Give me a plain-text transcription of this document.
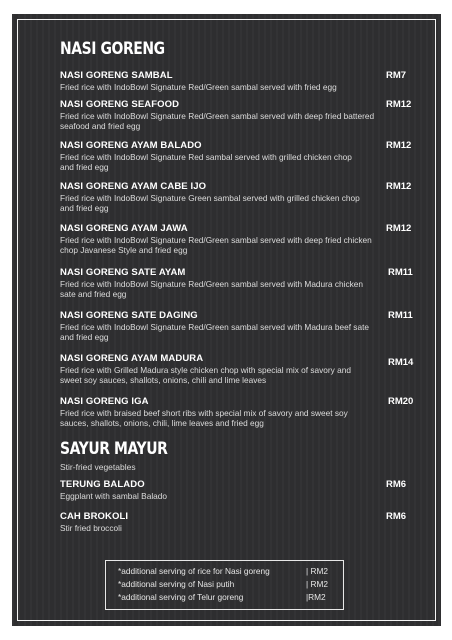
NASI GORENG
NASI GORENG SAMBAL	RM7
Fried rice with IndoBowl Signature Red/Green sambal served with fried egg
NASI GORENG SEAFOOD	RM12
Fried rice with IndoBowl Signature Red/Green sambal served with deep fried battered seafood and fried egg
NASI GORENG AYAM BALADO	RM12
Fried rice with IndoBowl Signature Red sambal served with grilled chicken chop and fried egg
NASI GORENG AYAM CABE IJO	RM12
Fried rice with IndoBowl Signature Green sambal served with grilled chicken chop and fried egg
NASI GORENG AYAM JAWA	RM12
Fried rice with IndoBowl Signature Red/Green sambal served with deep fried chicken chop Javanese Style and fried egg
NASI GORENG SATE AYAM	RM11
Fried rice with IndoBowl Signature Red/Green sambal served with Madura chicken sate and fried egg
NASI GORENG SATE DAGING	RM11
Fried rice with IndoBowl Signature Red/Green sambal served with Madura beef sate and fried egg
NASI GORENG AYAM MADURA	RM14
Fried rice with Grilled Madura style chicken chop with special mix of savory and sweet soy sauces, shallots, onions, chili and lime leaves
NASI GORENG IGA	RM20
Fried rice with braised beef short ribs with special mix of savory and sweet soy sauces, shallots, onions, chili, lime leaves and fried egg
SAYUR MAYUR
Stir-fried vegetables
TERUNG BALADO	RM6
Eggplant with sambal Balado
CAH BROKOLI	RM6
Stir fried broccoli
*additional serving of rice for Nasi goreng	| RM2
*additional serving of Nasi putih	| RM2
*additional serving of Telur goreng	|RM2
